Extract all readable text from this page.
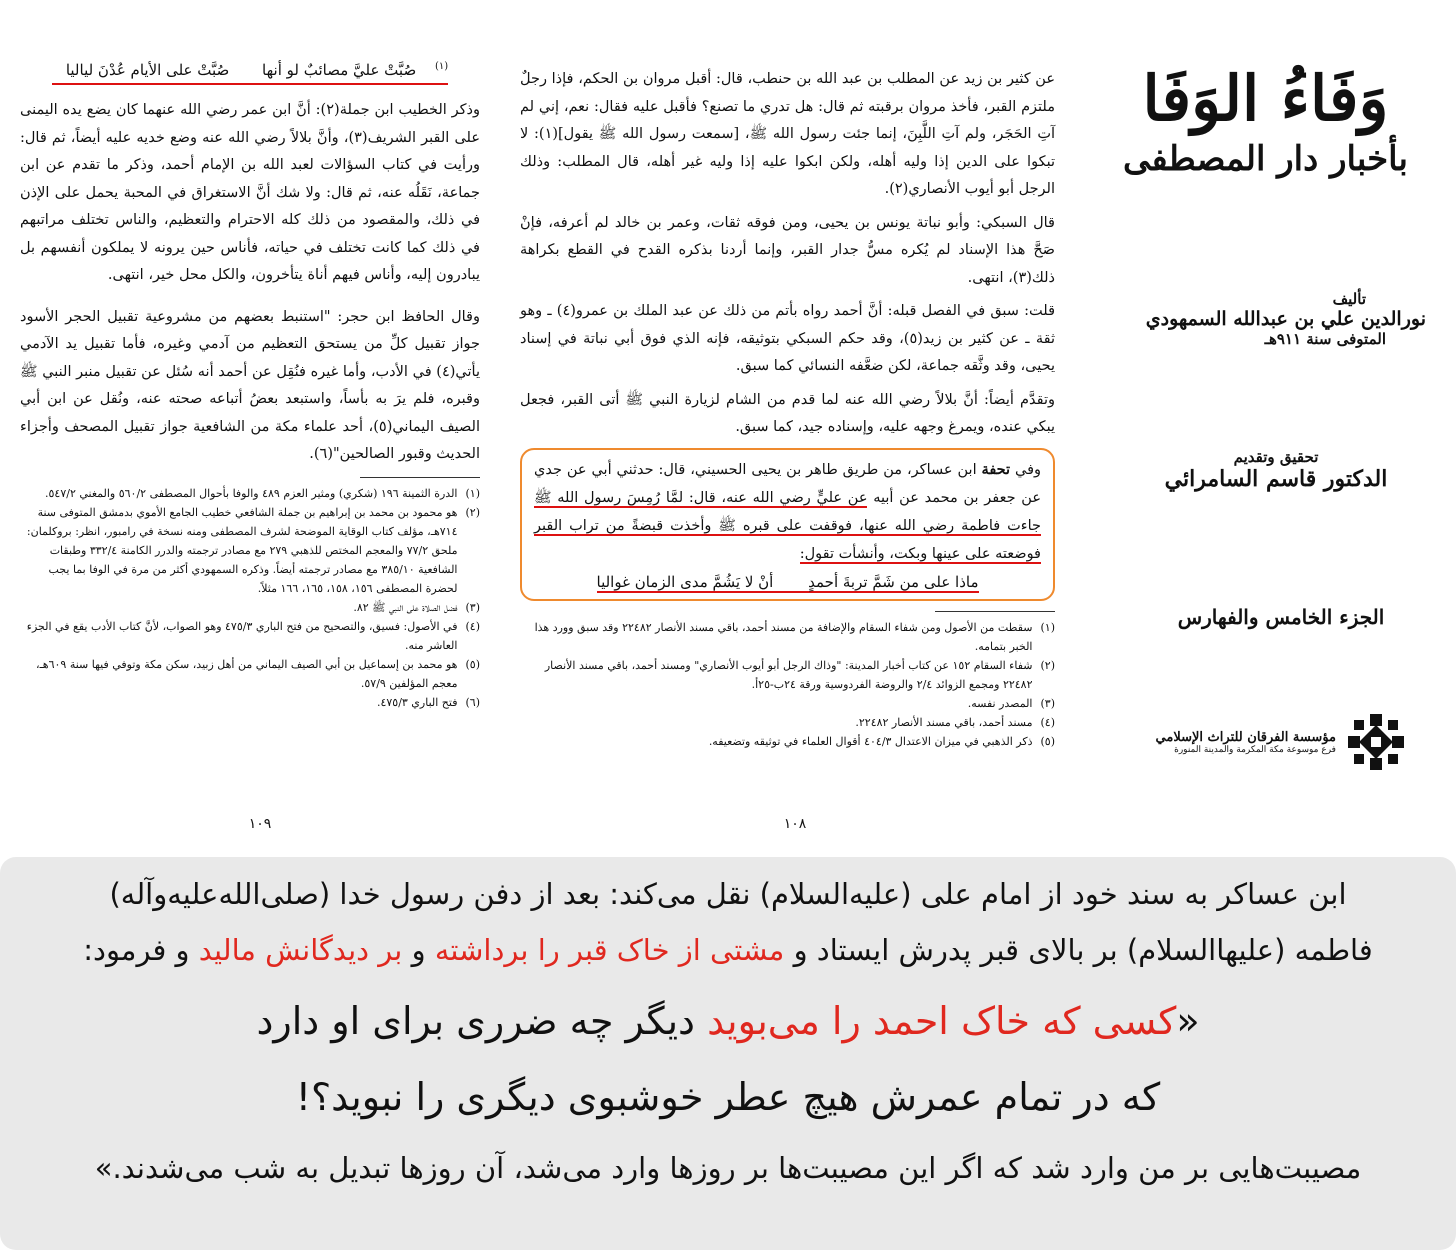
$^{(١)}$ صُبَّتْ عليَّ مصائبٌ لو أنها صُبَّتْ على الأيام عُدْنَ لياليا

وذكر الخطيب ابن جملة(٢): أنَّ ابن عمر رضي الله عنهما كان يضع يده اليمنى على القبر الشريف(٣)، وأنَّ بلالاً رضي الله عنه وضع خديه عليه أيضاً، ثم قال: ورأيت في كتاب السؤالات لعبد الله بن الإمام أحمد، وذكر ما تقدم عن ابن جماعة، نَقَلُه عنه، ثم قال: ولا شك أنَّ الاستغراق في المحبة يحمل على الإذن في ذلك، والمقصود من ذلك كله الاحترام والتعظيم، والناس تختلف مراتبهم في ذلك كما كانت تختلف في حياته، فأناس حين يرونه لا يملكون أنفسهم بل يبادرون إليه، وأناس فيهم أناة يتأخرون، والكل محل خير، انتهى.

وقال الحافظ ابن حجر: "استنبط بعضهم من مشروعية تقبيل الحجر الأسود جواز تقبيل كلِّ من يستحق التعظيم من آدمي وغيره، فأما تقبيل يد الآدمي يأتي(٤) في الأدب، وأما غيره فنُقِل عن أحمد أنه سُئل عن تقبيل منبر النبي ﷺ وقبره، فلم يرَ به بأساً، واستبعد بعضُ أتباعه صحته عنه، ونُقل عن ابن أبي الصيف اليماني(٥)، أحد علماء مكة من الشافعية جواز تقبيل المصحف وأجزاء الحديث وقبور الصالحين"(٦).

(١)
الدرة الثمينة ١٩٦ (شكري) ومثير العزم ٤٨٩ والوفا بأحوال المصطفى ٥٦٠/٢ والمغني ٥٤٧/٢.
(٢)
هو محمود بن محمد بن إبراهيم بن جملة الشافعي خطيب الجامع الأموي بدمشق المتوفى سنة ٧١٤هـ، مؤلف كتاب الوقاية الموضحة لشرف المصطفى ومنه نسخة في رامبور، انظر: بروكلمان: ملحق ٧٧/٢ والمعجم المختص للذهبي ٢٧٩ مع مصادر ترجمته والدرر الكامنة ٣٣٢/٤ وطبقات الشافعية ٣٨٥/١٠ مع مصادر ترجمته أيضاً. وذكره السمهودي أكثر من مرة في الوفا بما يجب لحضرة المصطفى ١٥٦، ١٥٨، ١٦٥، ١٦٦ مثلاً.
(٣)
فضل الصلاة على النبي ﷺ ٨٢.
(٤)
في الأصول: فسيق، والتصحيح من فتح الباري ٤٧٥/٣ وهو الصواب، لأنَّ كتاب الأدب يقع في الجزء العاشر منه.
(٥)
هو محمد بن إسماعيل بن أبي الصيف اليماني من أهل زبيد، سكن مكة وتوفي فيها سنة ٦٠٩هـ، معجم المؤلفين ٥٧/٩.
(٦)
فتح الباري ٤٧٥/٣.
١٠٩

عن كثير بن زيد عن المطلب بن عبد الله بن حنطب، قال: أقبل مروان بن الحكم، فإذا رجلٌ ملتزم القبر، فأخذ مروان برقبته ثم قال: هل تدري ما تصنع؟ فأقبل عليه فقال: نعم، إني لم آتِ الحَجَر، ولم آتِ اللَّبِنَ، إنما جئت رسول الله ﷺ، [سمعت رسول الله ﷺ يقول](١): لا تبكوا على الدين إذا وليه أهله، ولكن ابكوا عليه إذا وليه غير أهله، قال المطلب: وذلك الرجل أبو أيوب الأنصاري(٢).

قال السبكي: وأبو نباتة يونس بن يحيى، ومن فوقه ثقات، وعمر بن خالد لم أعرفه، فإنْ صَحَّ هذا الإسناد لم يُكره مسُّ جدار القبر، وإنما أردنا بذكره القدح في القطع بكراهة ذلك(٣)، انتهى.

قلت: سبق في الفصل قبله: أنَّ أحمد رواه بأتم من ذلك عن عبد الملك بن عمرو(٤) ـ وهو ثقة ـ عن كثير بن زيد(٥)، وقد حكم السبكي بتوثيقه، فإنه الذي فوق أبي نباتة في إسناد يحيى، وقد وثَّقه جماعة، لكن ضعَّفه النسائي كما سبق.

وتقدَّم أيضاً: أنَّ بلالاً رضي الله عنه لما قدم من الشام لزيارة النبي ﷺ أتى القبر، فجعل يبكي عنده، ويمرغ وجهه عليه، وإسناده جيد، كما سبق.

وفي تحفة ابن عساكر، من طريق طاهر بن يحيى الحسيني، قال: حدثني أبي عن جدي عن جعفر بن محمد عن أبيه عن عليٍّ رضي الله عنه، قال: لمَّا رُمِسَ رسول الله ﷺ جاءت فاطمة رضي الله عنها، فوقفت على قبره ﷺ وأخذت قبضةً من تراب القبر فوضعته على عينها وبكت، وأنشأت تقول:

ماذا على من شَمَّ تربةَ أحمدٍ أنْ لا يَشُمَّ مدى الزمان غواليا
(١)
سقطت من الأصول ومن شفاء السقام والإضافة من مسند أحمد، باقي مسند الأنصار ٢٢٤٨٢ وقد سبق وورد هذا الخبر بتمامه.
(٢)
شفاء السقام ١٥٢ عن كتاب أخبار المدينة: "وذاك الرجل أبو أيوب الأنصاري" ومسند أحمد، باقي مسند الأنصار ٢٢٤٨٢ ومجمع الزوائد ٢/٤ والروضة الفردوسية ورقة ٢٤ب-٢٥أ.
(٣)
المصدر نفسه.
(٤)
مسند أحمد، باقي مسند الأنصار ٢٢٤٨٢.
(٥)
ذكر الذهبي في ميزان الاعتدال ٤٠٤/٣ أقوال العلماء في توثيقه وتضعيفه.
١٠٨
وَفَاءُ الوَفَا
بأخبار دار المصطفى
تأليف
نورالدين علي بن عبدالله السمهودي
المتوفى سنة ٩١١هـ
تحقيق وتقديم
الدكتور قاسم السامرائي
الجزء الخامس والفهارس
مؤسسة الفرقان للتراث الإسلامي
فرع موسوعة مكة المكرمة والمدينة المنورة

ابن عساکر به سند خود از امام علی (علیه‌السلام) نقل می‌کند: بعد از دفن رسول خدا (صلی‌الله‌علیه‌وآله)

فاطمه (علیهاالسلام) بر بالای قبر پدرش ایستاد و مشتی از خاک قبر را برداشته و بر دیدگانش مالید و فرمود:

«کسی که خاک احمد را می‌بوید دیگر چه ضرری برای او دارد

که در تمام عمرش هیچ عطر خوشبوی دیگری را نبوید؟!

مصیبت‌هایی بر من وارد شد که اگر این مصیبت‌ها بر روزها وارد می‌شد، آن روزها تبدیل به شب می‌شدند.»
